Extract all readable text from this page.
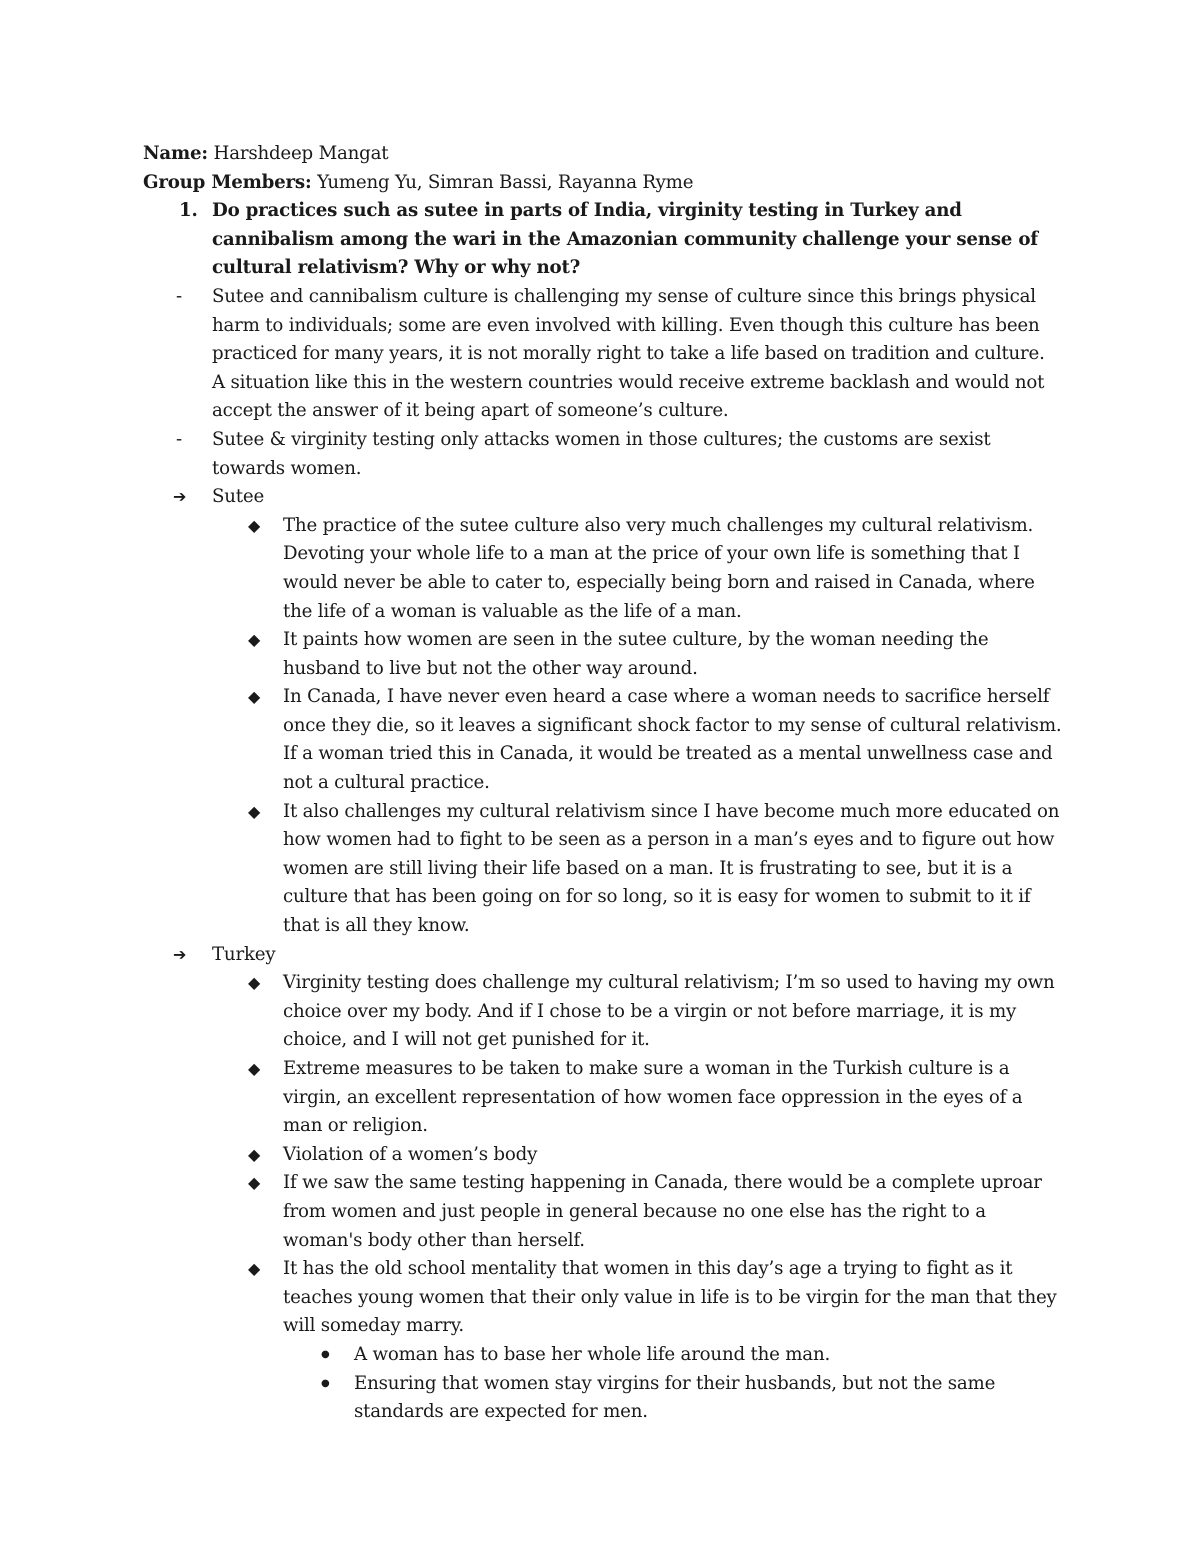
Name: Harshdeep Mangat

Group Members: Yumeng Yu, Simran Bassi, Rayanna Ryme

1. Do practices such as sutee in parts of India, virginity testing in Turkey and cannibalism among the wari in the Amazonian community challenge your sense of cultural relativism? Why or why not?
-	Sutee and cannibalism culture is challenging my sense of culture since this brings physical harm to individuals; some are even involved with killing. Even though this culture has been practiced for many years, it is not morally right to take a life based on tradition and culture. A situation like this in the western countries would receive extreme backlash and would not accept the answer of it being apart of someone’s culture.
-	Sutee & virginity testing only attacks women in those cultures; the customs are sexist towards women.
➔	Sutee
◆	The practice of the sutee culture also very much challenges my cultural relativism. Devoting your whole life to a man at the price of your own life is something that I would never be able to cater to, especially being born and raised in Canada, where the life of a woman is valuable as the life of a man.
◆	It paints how women are seen in the sutee culture, by the woman needing the husband to live but not the other way around.
◆	In Canada, I have never even heard a case where a woman needs to sacrifice herself once they die, so it leaves a significant shock factor to my sense of cultural relativism. If a woman tried this in Canada, it would be treated as a mental unwellness case and not a cultural practice.
◆	It also challenges my cultural relativism since I have become much more educated on how women had to fight to be seen as a person in a man’s eyes and to figure out how women are still living their life based on a man. It is frustrating to see, but it is a culture that has been going on for so long, so it is easy for women to submit to it if that is all they know.
➔	Turkey
◆	Virginity testing does challenge my cultural relativism; I’m so used to having my own choice over my body. And if I chose to be a virgin or not before marriage, it is my choice, and I will not get punished for it.
◆	Extreme measures to be taken to make sure a woman in the Turkish culture is a virgin, an excellent representation of how women face oppression in the eyes of a man or religion.
◆	Violation of a women’s body
◆	If we saw the same testing happening in Canada, there would be a complete uproar from women and just people in general because no one else has the right to a woman's body other than herself.
◆	It has the old school mentality that women in this day’s age a trying to fight as it teaches young women that their only value in life is to be virgin for the man that they will someday marry.
●	A woman has to base her whole life around the man.
●	Ensuring that women stay virgins for their husbands, but not the same standards are expected for men.
